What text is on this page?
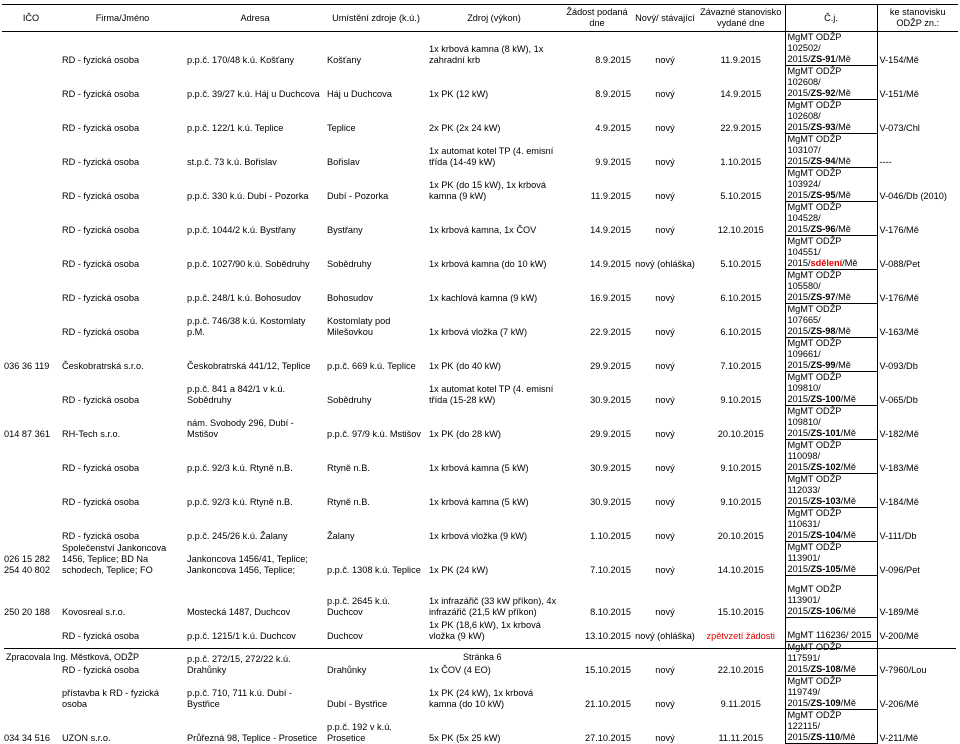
IČO	Firma/Jméno	Adresa	Umístění zdroje (k.ú.)	Zdroj (výkon)	Žádost podaná dne	Nový/ stávající	Závazné stanovisko vydané dne	Č.j.	ke stanovisku ODŽP zn.:
	RD - fyzická osoba	p.p.č. 170/48 k.ú. Košťany	Košťany	1x krbová kamna (8 kW), 1x zahradní krb	8.9.2015	nový	11.9.2015	MgMT ODŽP 102502/
2015/ZS-91/Mě	V-154/Mě
	RD - fyzická osoba	p.p.č. 39/27 k.ú. Háj u Duchcova	Háj u Duchcova	1x PK (12 kW)	8.9.2015	nový	14.9.2015	MgMT ODŽP 102608/
2015/ZS-92/Mě	V-151/Mě
	RD - fyzická osoba	p.p.č. 122/1 k.ú. Teplice	Teplice	2x PK (2x 24 kW)	4.9.2015	nový	22.9.2015	MgMT ODŽP 102608/
2015/ZS-93/Mě	V-073/Chl
	RD - fyzická osoba	st.p.č. 73 k.ú. Bořislav	Bořislav	1x automat kotel TP (4. emisní třída (14-49 kW)	9.9.2015	nový	1.10.2015	MgMT ODŽP 103107/
2015/ZS-94/Mě	----
	RD - fyzická osoba	p.p.č. 330 k.ú. Dubí - Pozorka	Dubí - Pozorka	1x PK (do 15 kW), 1x krbová kamna (9 kW)	11.9.2015	nový	5.10.2015	MgMT ODŽP 103924/
2015/ZS-95/Mě	V-046/Db (2010)
	RD - fyzická osoba	p.p.č. 1044/2 k.ú. Bystřany	Bystřany	1x krbová kamna, 1x ČOV	14.9.2015	nový	12.10.2015	MgMT ODŽP 104528/
2015/ZS-96/Mě	V-176/Mě
	RD - fyzická osoba	p.p.č. 1027/90 k.ú. Sobědruhy	Sobědruhy	1x krbová kamna (do 10 kW)	14.9.2015	nový (ohláška)	5.10.2015	MgMT ODŽP 104551/
2015/sdělení/Mě	V-088/Pet
	RD - fyzická osoba	p.p.č. 248/1 k.ú. Bohosudov	Bohosudov	1x kachlová kamna (9 kW)	16.9.2015	nový	6.10.2015	MgMT ODŽP 105580/
2015/ZS-97/Mě	V-176/Mě
	RD - fyzická osoba	p.p.č. 746/38 k.ú. Kostomlaty p.M.	Kostomlaty pod Milešovkou	1x krbová vložka (7 kW)	22.9.2015	nový	6.10.2015	MgMT ODŽP 107665/
2015/ZS-98/Mě	V-163/Mě
036 36 119	Českobratrská s.r.o.	Českobratrská 441/12, Teplice	p.p.č. 669 k.ú. Teplice	1x PK (do 40 kW)	29.9.2015	nový	7.10.2015	MgMT ODŽP 109661/
2015/ZS-99/Mě	V-093/Db
	RD - fyzická osoba	p.p.č. 841 a 842/1 v k.ú. Sobědruhy	Sobědruhy	1x automat kotel TP (4. emisní třída (15-28 kW)	30.9.2015	nový	9.10.2015	MgMT ODŽP 109810/
2015/ZS-100/Mě	V-065/Db
014 87 361	RH-Tech s.r.o.	nám. Svobody 296, Dubí - Mstišov	p.p.č. 97/9 k.ú. Mstišov	1x PK (do 28 kW)	29.9.2015	nový	20.10.2015	MgMT ODŽP 109810/
2015/ZS-101/Mě	V-182/Mě
	RD - fyzická osoba	p.p.č. 92/3 k.ú. Rtyně n.B.	Rtyně n.B.	1x krbová kamna (5 kW)	30.9.2015	nový	9.10.2015	MgMT ODŽP 110098/
2015/ZS-102/Mě	V-183/Mě
	RD - fyzická osoba	p.p.č. 92/3 k.ú. Rtyně n.B.	Rtyně n.B.	1x krbová kamna (5 kW)	30.9.2015	nový	9.10.2015	MgMT ODŽP 112033/
2015/ZS-103/Mě	V-184/Mě
	RD - fyzická osoba	p.p.č. 245/26 k.ú. Žalany	Žalany	1x krbová vložka (9 kW)	1.10.2015	nový	20.10.2015	MgMT ODŽP 110631/
2015/ZS-104/Mě	V-111/Db
026 15 282 254 40 802	Společenství Jankoncova 1456, Teplice; BD Na schodech, Teplice; FO	Jankoncova 1456/41, Teplice; Jankoncova 1456, Teplice;	p.p.č. 1308 k.ú. Teplice	1x PK (24 kW)	7.10.2015	nový	14.10.2015	MgMT ODŽP 113901/
2015/ZS-105/Mě	V-096/Pet
250 20 188	Kovosreal s.r.o.	Mostecká 1487, Duchcov	p.p.č. 2645 k.ú. Duchcov	1x infrazářič (33 kW příkon), 4x infrazářič (21,5 kW příkon)	8.10.2015	nový	15.10.2015	MgMT ODŽP 113901/
2015/ZS-106/Mě	V-189/Mě
	RD - fyzická osoba	p.p.č. 1215/1 k.ú. Duchcov	Duchcov	1x PK (18,6 kW), 1x krbová vložka (9 kW)	13.10.2015	nový (ohláška)	zpětvzetí žádosti	MgMT 116236/ 2015	V-200/Mě
	RD - fyzická osoba	p.p.č. 272/15, 272/22 k.ú. Drahůnky	Drahůnky	1x ČOV (4 EO)	15.10.2015	nový	22.10.2015	MgMT ODŽP 117591/
2015/ZS-108/Mě	V-7960/Lou
	přístavba k RD - fyzická osoba	p.p.č. 710, 711 k.ú. Dubí - Bystřice	Dubí - Bystřice	1x PK (24 kW), 1x krbová kamna (do 10 kW)	21.10.2015	nový	9.11.2015	MgMT ODŽP 119749/
2015/ZS-109/Mě	V-206/Mě
034 34 516	UZON s.r.o.	Průřezná 98, Teplice - Prosetice	p.p.č. 192 v k.ú. Prosetice	5x PK (5x 25 kW)	27.10.2015	nový	11.11.2015	MgMT ODŽP 122115/
2015/ZS-110/Mě	V-211/Mě
Zpracovala Ing. Městková, ODŽP	Stránka 6
